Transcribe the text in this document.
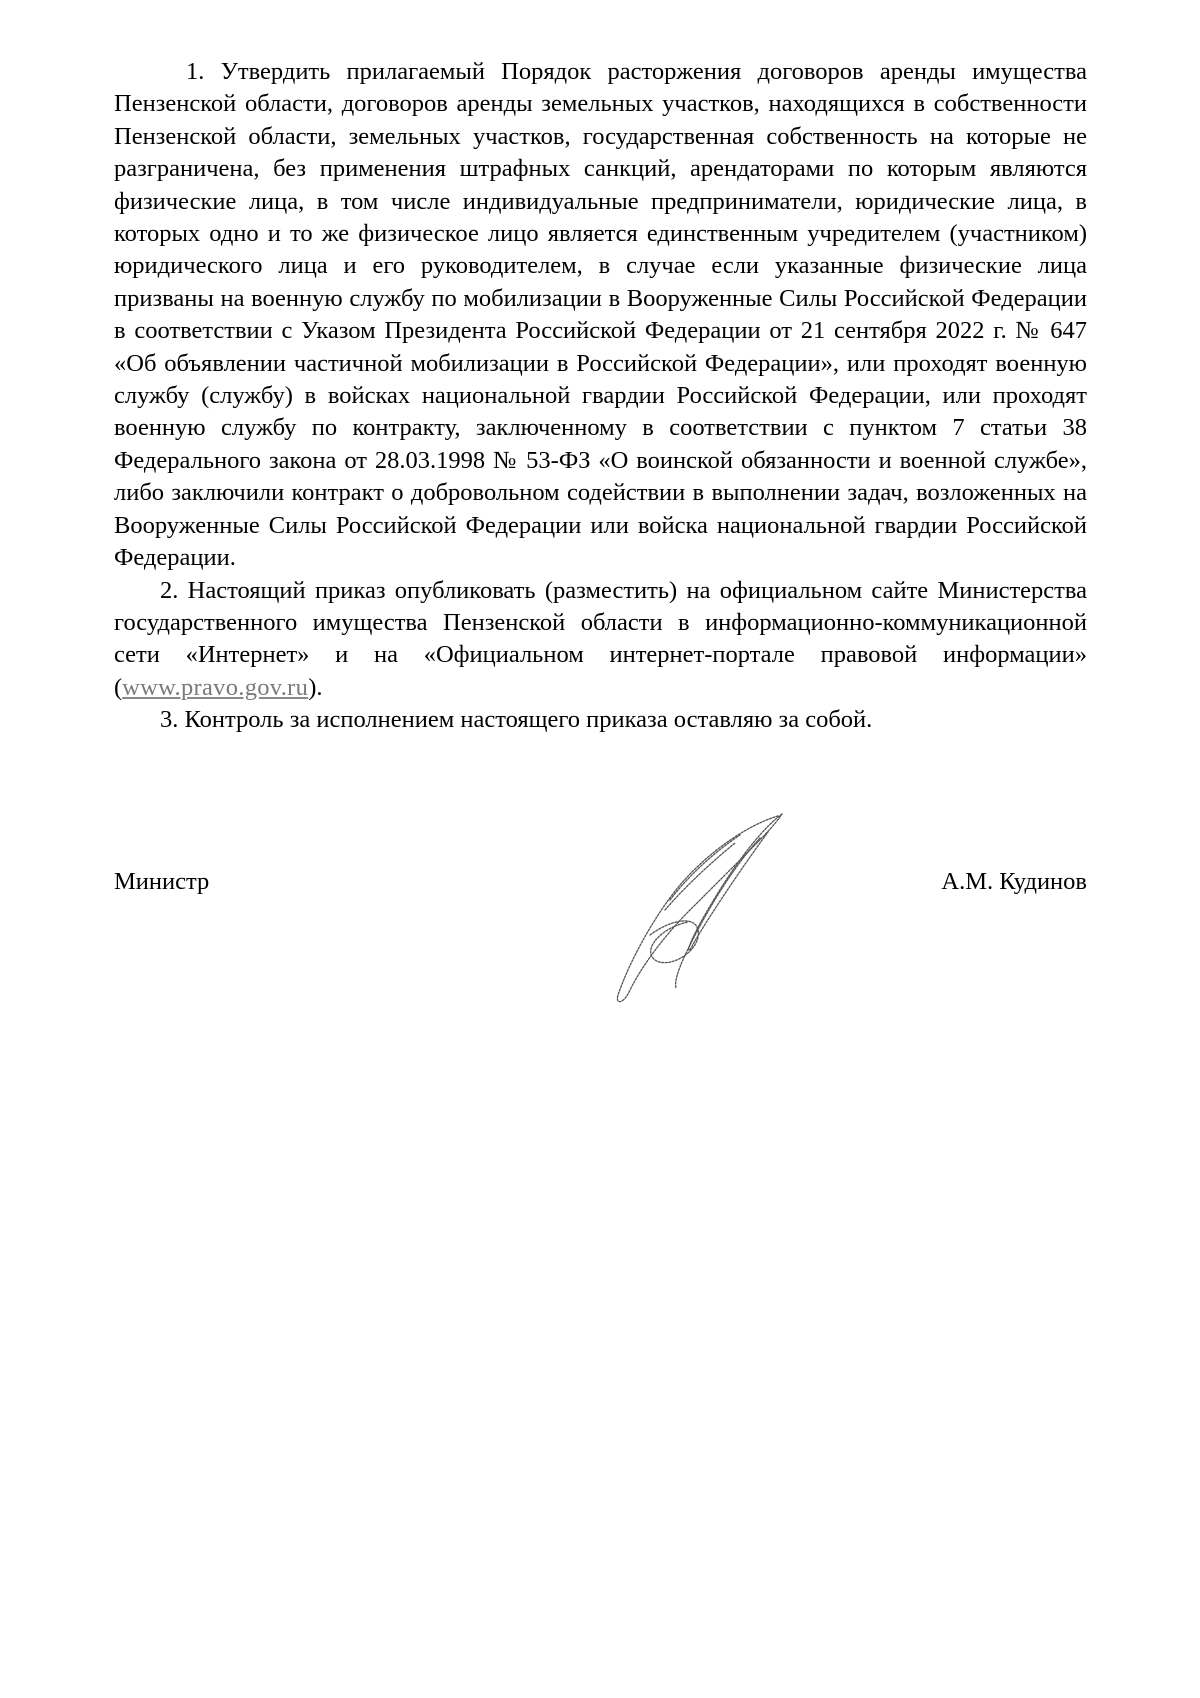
1. Утвердить прилагаемый Порядок расторжения договоров аренды имущества Пензенской области, договоров аренды земельных участков, находящихся в собственности Пензенской области, земельных участков, государственная собственность на которые не разграничена, без применения штрафных санкций, арендаторами по которым являются физические лица, в том числе индивидуальные предприниматели, юридические лица, в которых одно и то же физическое лицо является единственным учредителем (участником) юридического лица и его руководителем, в случае если указанные физические лица призваны на военную службу по мобилизации в Вооруженные Силы Российской Федерации в соответствии с Указом Президента Российской Федерации от 21 сентября 2022 г. № 647 «Об объявлении частичной мобилизации в Российской Федерации», или проходят военную службу (службу) в войсках национальной гвардии Российской Федерации, или проходят военную службу по контракту, заключенному в соответствии с пунктом 7 статьи 38 Федерального закона от 28.03.1998 № 53-ФЗ «О воинской обязанности и военной службе», либо заключили контракт о добровольном содействии в выполнении задач, возложенных на Вооруженные Силы Российской Федерации или войска национальной гвардии Российской Федерации.

2. Настоящий приказ опубликовать (разместить) на официальном сайте Министерства государственного имущества Пензенской области в информационно-коммуникационной сети «Интернет» и на «Официальном интернет-портале правовой информации» (www.pravo.gov.ru).

3. Контроль за исполнением настоящего приказа оставляю за собой.

Министр	А.М. Кудинов
